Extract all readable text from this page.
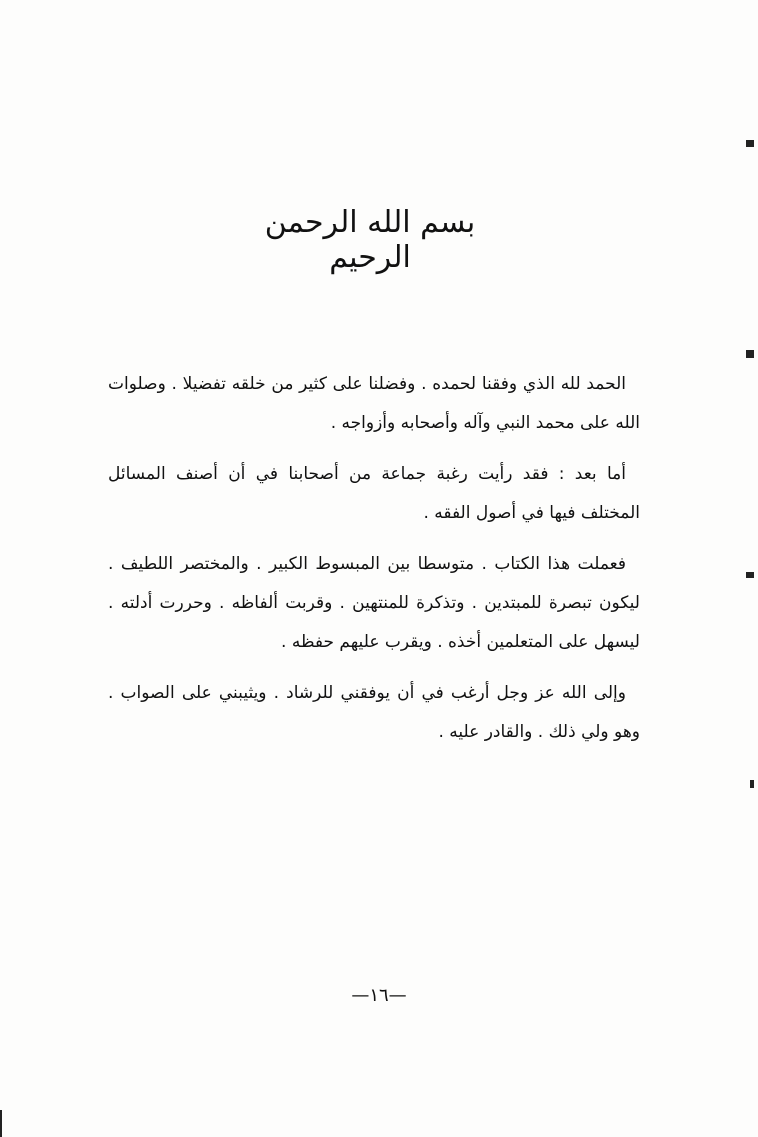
بسم الله الرحمن الرحيم

الحمد لله الذي وفقنا لحمده . وفضلنا على كثير من خلقه تفضيلا . وصلوات الله على محمد النبي وآله وأصحابه وأزواجه .

أما بعد : فقد رأيت رغبة جماعة من أصحابنا في أن أصنف المسائل المختلف فيها في أصول الفقه .

فعملت هذا الكتاب . متوسطا بين المبسوط الكبير . والمختصر اللطيف . ليكون تبصرة للمبتدين . وتذكرة للمنتهين . وقربت ألفاظه . وحررت أدلته . ليسهل على المتعلمين أخذه . ويقرب عليهم حفظه .

وإلى الله عز وجل أرغب في أن يوفقني للرشاد . ويثيبني على الصواب . وهو ولي ذلك . والقادر عليه .

—١٦—
